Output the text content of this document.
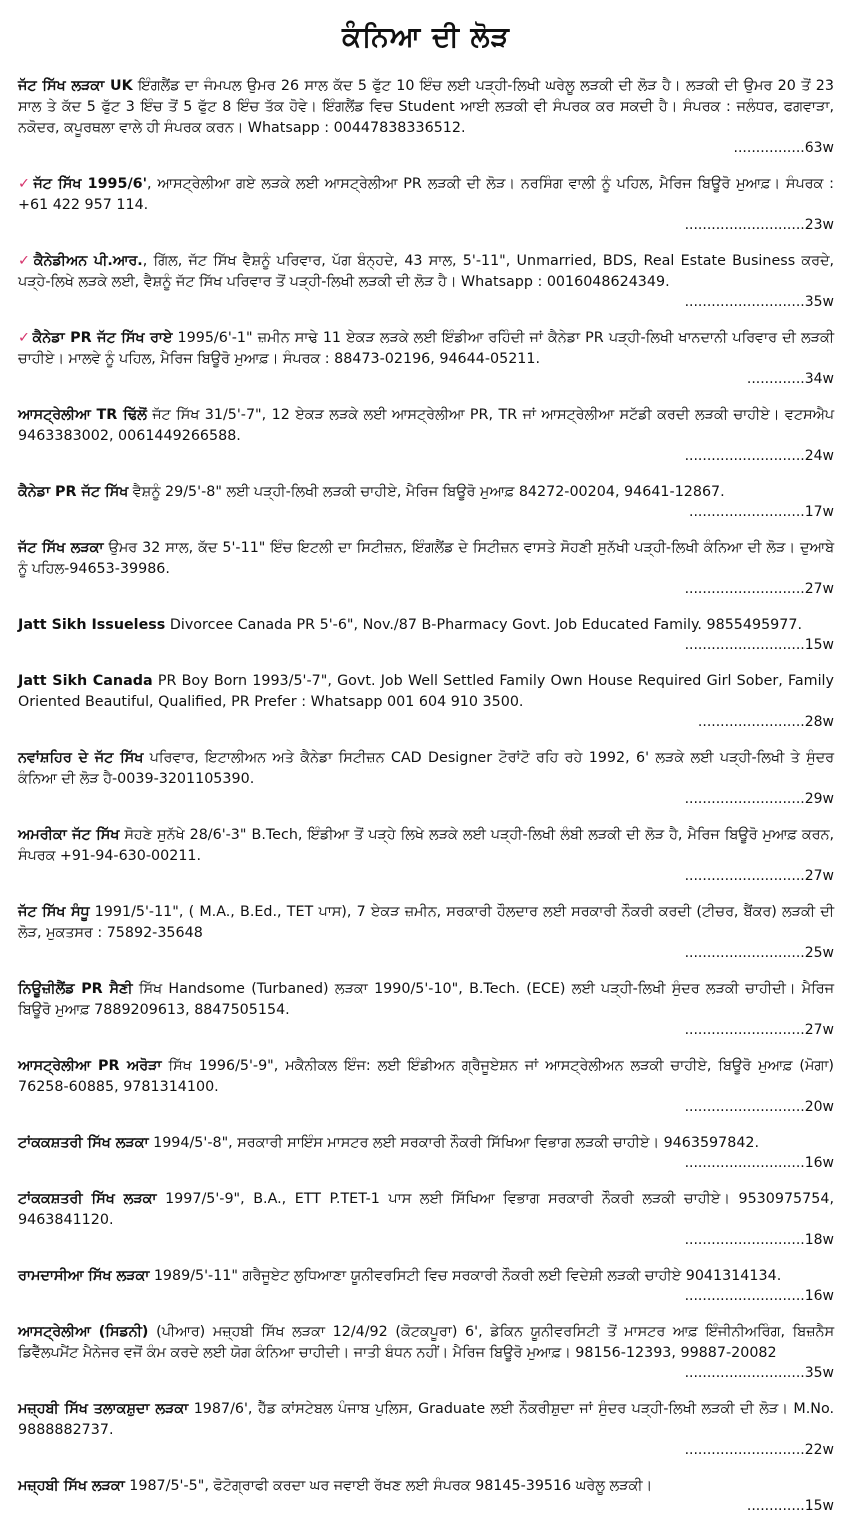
ਕੰਨਿਆ ਦੀ ਲੋੜ
ਜੱਟ ਸਿੱਖ ਲੜਕਾ UK ਇੰਗਲੈਂਡ ਦਾ ਜੰਮਪਲ ਉਮਰ 26 ਸਾਲ ਕੱਦ 5 ਫੁੱਟ 10 ਇੰਚ ਲਈ ਪੜ੍ਹੀ-ਲਿਖੀ ਘਰੇਲੂ ਲੜਕੀ ਦੀ ਲੋੜ ਹੈ। ਲੜਕੀ ਦੀ ਉਮਰ 20 ਤੋਂ 23 ਸਾਲ ਤੇ ਕੱਦ 5 ਫੁੱਟ 3 ਇੰਚ ਤੋਂ 5 ਫੁੱਟ 8 ਇੰਚ ਤੱਕ ਹੋਵੇ। ਇੰਗਲੈਂਡ ਵਿਚ Student ਆਈ ਲੜਕੀ ਵੀ ਸੰਪਰਕ ਕਰ ਸਕਦੀ ਹੈ। ਸੰਪਰਕ : ਜਲੰਧਰ, ਫਗਵਾੜਾ, ਨਕੋਦਰ, ਕਪੂਰਥਲਾ ਵਾਲੇ ਹੀ ਸੰਪਰਕ ਕਰਨ। Whatsapp : 00447838336512.
................63w
✓ ਜੱਟ ਸਿੱਖ 1995/6', ਆਸਟ੍ਰੇਲੀਆ ਗਏ ਲੜਕੇ ਲਈ ਆਸਟ੍ਰੇਲੀਆ PR ਲੜਕੀ ਦੀ ਲੋੜ। ਨਰਸਿੰਗ ਵਾਲੀ ਨੂੰ ਪਹਿਲ, ਮੈਰਿਜ ਬਿਊਰੋ ਮੁਆਫ਼। ਸੰਪਰਕ : +61 422 957 114.
...........................23w
✓ ਕੈਨੇਡੀਅਨ ਪੀ.ਆਰ., ਗਿੱਲ, ਜੱਟ ਸਿੱਖ ਵੈਸ਼ਨੂੰ ਪਰਿਵਾਰ, ਪੱਗ ਬੰਨ੍ਹਦੇ, 43 ਸਾਲ, 5'-11", Unmarried, BDS, Real Estate Business ਕਰਦੇ, ਪੜ੍ਹੇ-ਲਿਖੇ ਲੜਕੇ ਲਈ, ਵੈਸ਼ਨੂੰ ਜੱਟ ਸਿੱਖ ਪਰਿਵਾਰ ਤੋਂ ਪੜ੍ਹੀ-ਲਿਖੀ ਲੜਕੀ ਦੀ ਲੋੜ ਹੈ। Whatsapp : 0016048624349.
...........................35w
✓ ਕੈਨੇਡਾ PR ਜੱਟ ਸਿੱਖ ਰਾਏ 1995/6'-1" ਜ਼ਮੀਨ ਸਾਢੇ 11 ਏਕੜ ਲੜਕੇ ਲਈ ਇੰਡੀਆ ਰਹਿੰਦੀ ਜਾਂ ਕੈਨੇਡਾ PR ਪੜ੍ਹੀ-ਲਿਖੀ ਖਾਨਦਾਨੀ ਪਰਿਵਾਰ ਦੀ ਲੜਕੀ ਚਾਹੀਏ। ਮਾਲਵੇ ਨੂੰ ਪਹਿਲ, ਮੈਰਿਜ ਬਿਊਰੋ ਮੁਆਫ਼। ਸੰਪਰਕ : 88473-02196, 94644-05211.
.............34w
ਆਸਟ੍ਰੇਲੀਆ TR ਢਿੱਲੋਂ ਜੱਟ ਸਿੱਖ 31/5'-7", 12 ਏਕੜ ਲੜਕੇ ਲਈ ਆਸਟ੍ਰੇਲੀਆ PR, TR ਜਾਂ ਆਸਟ੍ਰੇਲੀਆ ਸਟੱਡੀ ਕਰਦੀ ਲੜਕੀ ਚਾਹੀਏ। ਵਟਸਐਪ 9463383002, 0061449266588.
...........................24w
ਕੈਨੇਡਾ PR ਜੱਟ ਸਿੱਖ ਵੈਸ਼ਨੂੰ 29/5'-8" ਲਈ ਪੜ੍ਹੀ-ਲਿਖੀ ਲੜਕੀ ਚਾਹੀਏ, ਮੈਰਿਜ ਬਿਊਰੋ ਮੁਆਫ਼ 84272-00204, 94641-12867.
..........................17w
ਜੱਟ ਸਿੱਖ ਲੜਕਾ ਉਮਰ 32 ਸਾਲ, ਕੱਦ 5'-11" ਇੰਚ ਇਟਲੀ ਦਾ ਸਿਟੀਜ਼ਨ, ਇੰਗਲੈਂਡ ਦੇ ਸਿਟੀਜ਼ਨ ਵਾਸਤੇ ਸੋਹਣੀ ਸੁਨੱਖੀ ਪੜ੍ਹੀ-ਲਿਖੀ ਕੰਨਿਆ ਦੀ ਲੋੜ। ਦੁਆਬੇ ਨੂੰ ਪਹਿਲ-94653-39986.
...........................27w
Jatt Sikh Issueless Divorcee Canada PR 5'-6", Nov./87 B-Pharmacy Govt. Job Educated Family. 9855495977.
...........................15w
Jatt Sikh Canada PR Boy Born 1993/5'-7", Govt. Job Well Settled Family Own House Required Girl Sober, Family Oriented Beautiful, Qualified, PR Prefer : Whatsapp 001 604 910 3500.
........................28w
ਨਵਾਂਸ਼ਹਿਰ ਦੇ ਜੱਟ ਸਿੱਖ ਪਰਿਵਾਰ, ਇਟਾਲੀਅਨ ਅਤੇ ਕੈਨੇਡਾ ਸਿਟੀਜ਼ਨ CAD Designer ਟੋਰਾਂਟੋ ਰਹਿ ਰਹੇ 1992, 6' ਲੜਕੇ ਲਈ ਪੜ੍ਹੀ-ਲਿਖੀ ਤੇ ਸੁੰਦਰ ਕੰਨਿਆ ਦੀ ਲੋੜ ਹੈ-0039-3201105390.
...........................29w
ਅਮਰੀਕਾ ਜੱਟ ਸਿੱਖ ਸੋਹਣੇ ਸੁਨੱਖੇ 28/6'-3" B.Tech, ਇੰਡੀਆ ਤੋਂ ਪੜ੍ਹੇ ਲਿਖੇ ਲੜਕੇ ਲਈ ਪੜ੍ਹੀ-ਲਿਖੀ ਲੰਬੀ ਲੜਕੀ ਦੀ ਲੋੜ ਹੈ, ਮੈਰਿਜ ਬਿਊਰੋ ਮੁਆਫ਼ ਕਰਨ, ਸੰਪਰਕ +91-94-630-00211.
...........................27w
ਜੱਟ ਸਿੱਖ ਸੰਧੂ 1991/5'-11", ( M.A., B.Ed., TET ਪਾਸ), 7 ਏਕੜ ਜ਼ਮੀਨ, ਸਰਕਾਰੀ ਹੌਲਦਾਰ ਲਈ ਸਰਕਾਰੀ ਨੌਕਰੀ ਕਰਦੀ (ਟੀਚਰ, ਬੈਂਕਰ) ਲੜਕੀ ਦੀ ਲੋੜ, ਮੁਕਤਸਰ : 75892-35648
...........................25w
ਨਿਊਜ਼ੀਲੈਂਡ PR ਸੈਣੀ ਸਿੱਖ Handsome (Turbaned) ਲੜਕਾ 1990/5'-10", B.Tech. (ECE) ਲਈ ਪੜ੍ਹੀ-ਲਿਖੀ ਸੁੰਦਰ ਲੜਕੀ ਚਾਹੀਦੀ। ਮੈਰਿਜ ਬਿਊਰੋ ਮੁਆਫ਼ 7889209613, 8847505154.
...........................27w
ਆਸਟ੍ਰੇਲੀਆ PR ਅਰੋੜਾ ਸਿੱਖ 1996/5'-9", ਮਕੈਨੀਕਲ ਇੰਜ: ਲਈ ਇੰਡੀਅਨ ਗ੍ਰੈਜੂਏਸ਼ਨ ਜਾਂ ਆਸਟ੍ਰੇਲੀਅਨ ਲੜਕੀ ਚਾਹੀਏ, ਬਿਊਰੋ ਮੁਆਫ਼ (ਮੋਗਾ) 76258-60885, 9781314100.
...........................20w
ਟਾਂਕਕਸ਼ਤਰੀ ਸਿੱਖ ਲੜਕਾ 1994/5'-8", ਸਰਕਾਰੀ ਸਾਇੰਸ ਮਾਸਟਰ ਲਈ ਸਰਕਾਰੀ ਨੌਕਰੀ ਸਿੱਖਿਆ ਵਿਭਾਗ ਲੜਕੀ ਚਾਹੀਏ। 9463597842.
...........................16w
ਟਾਂਕਕਸ਼ਤਰੀ ਸਿੱਖ ਲੜਕਾ 1997/5'-9", B.A., ETT P.TET-1 ਪਾਸ ਲਈ ਸਿੱਖਿਆ ਵਿਭਾਗ ਸਰਕਾਰੀ ਨੌਕਰੀ ਲੜਕੀ ਚਾਹੀਏ। 9530975754, 9463841120.
...........................18w
ਰਾਮਦਾਸੀਆ ਸਿੱਖ ਲੜਕਾ 1989/5'-11" ਗਰੈਜੂਏਟ ਲੁਧਿਆਣਾ ਯੂਨੀਵਰਸਿਟੀ ਵਿਚ ਸਰਕਾਰੀ ਨੌਕਰੀ ਲਈ ਵਿਦੇਸ਼ੀ ਲੜਕੀ ਚਾਹੀਏ 9041314134.
...........................16w
ਆਸਟ੍ਰੇਲੀਆ (ਸਿਡਨੀ) (ਪੀਆਰ) ਮਜ਼੍ਹਬੀ ਸਿੱਖ ਲੜਕਾ 12/4/92 (ਕੋਟਕਪੂਰਾ) 6', ਡੇਕਿਨ ਯੂਨੀਵਰਸਿਟੀ ਤੋਂ ਮਾਸਟਰ ਆਫ਼ ਇੰਜੀਨੀਅਰਿੰਗ, ਬਿਜ਼ਨੈਸ ਡਿਵੈੱਲਪਮੈਂਟ ਮੈਨੇਜਰ ਵਜੋਂ ਕੰਮ ਕਰਦੇ ਲਈ ਯੋਗ ਕੰਨਿਆ ਚਾਹੀਦੀ। ਜਾਤੀ ਬੰਧਨ ਨਹੀਂ। ਮੈਰਿਜ ਬਿਊਰੋ ਮੁਆਫ਼। 98156-12393, 99887-20082
...........................35w
ਮਜ਼੍ਹਬੀ ਸਿੱਖ ਤਲਾਕਸ਼ੁਦਾ ਲੜਕਾ 1987/6', ਹੈੱਡ ਕਾਂਸਟੇਬਲ ਪੰਜਾਬ ਪੁਲਿਸ, Graduate ਲਈ ਨੌਕਰੀਸ਼ੁਦਾ ਜਾਂ ਸੁੰਦਰ ਪੜ੍ਹੀ-ਲਿਖੀ ਲੜਕੀ ਦੀ ਲੋੜ। M.No. 9888882737.
...........................22w
ਮਜ਼੍ਹਬੀ ਸਿੱਖ ਲੜਕਾ 1987/5'-5", ਫੋਟੋਗ੍ਰਾਫੀ ਕਰਦਾ ਘਰ ਜਵਾਈ ਰੱਖਣ ਲਈ ਸੰਪਰਕ 98145-39516 ਘਰੇਲੂ ਲੜਕੀ।
.............15w
